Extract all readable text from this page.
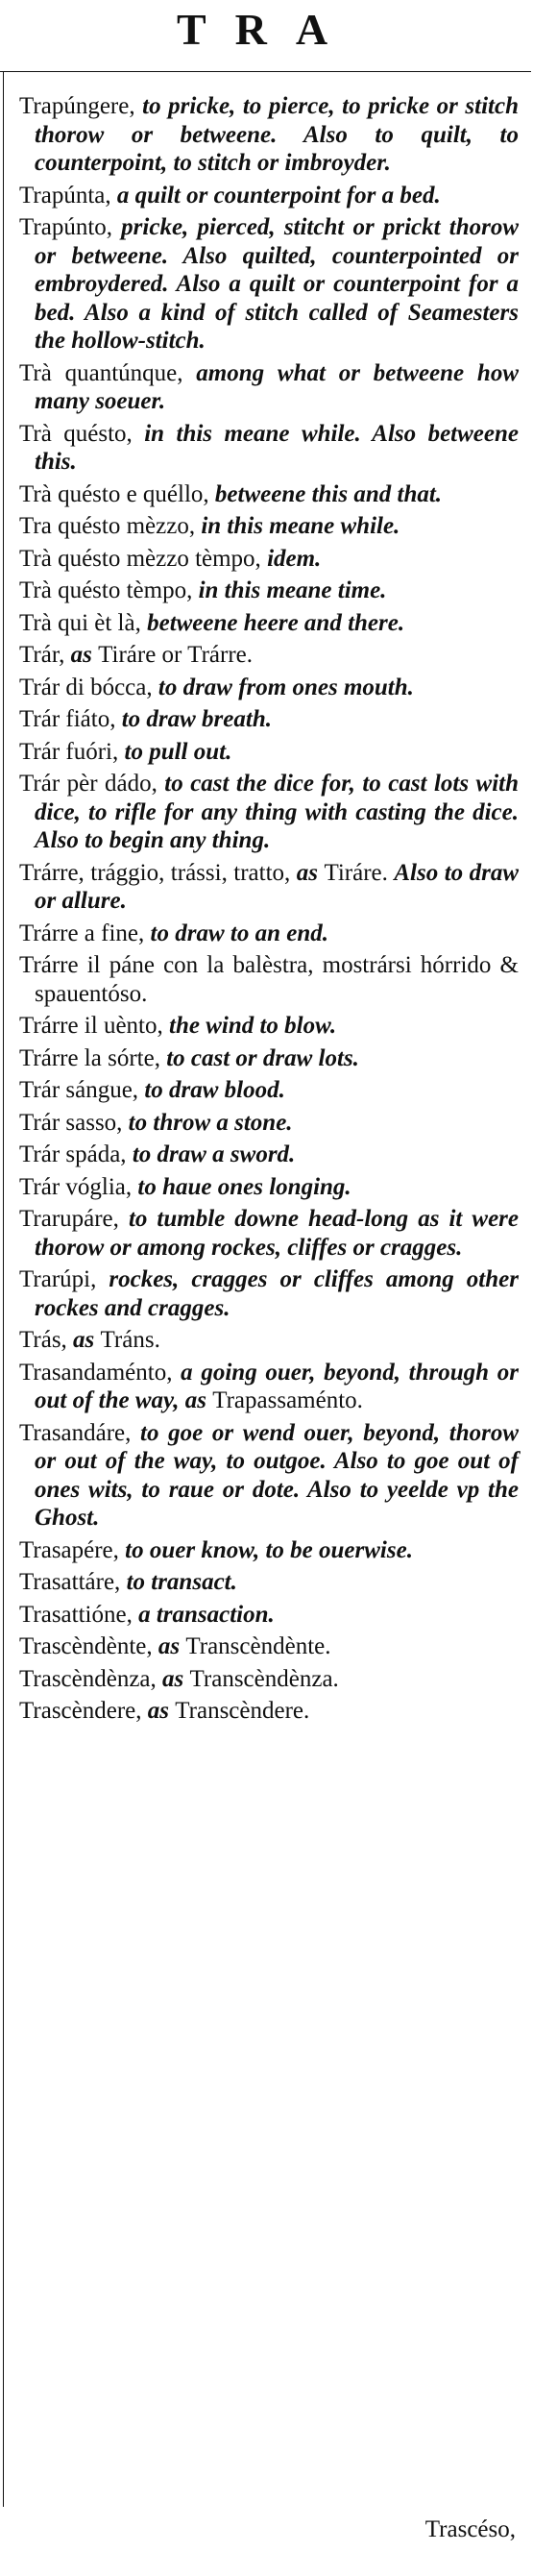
TRA
Trapúngere, to pricke, to pierce, to pricke or stitch thorow or betweene. Also to quilt, to counterpoint, to stitch or imbroyder.
Trapúnta, a quilt or counterpoint for a bed.
Trapúnto, pricke, pierced, stitcht or prickt thorow or betweene. Also quilted, counterpointed or embroydered. Also a quilt or counterpoint for a bed. Also a kind of stitch called of Seamesters the hollow-stitch.
Trà quantúnque, among what or betweene how many soeuer.
Trà quésto, in this meane while. Also betweene this.
Trà quésto e quéllo, betweene this and that.
Tra quésto mèzzo, in this meane while.
Trà quésto mèzzo tèmpo, idem.
Trà quésto tèmpo, in this meane time.
Trà qui èt là, betweene heere and there.
Trár, as Tiráre or Trárre.
Trár di bócca, to draw from ones mouth.
Trár fiáto, to draw breath.
Trár fuóri, to pull out.
Trár pèr dádo, to cast the dice for, to cast lots with dice, to rifle for any thing with casting the dice. Also to begin any thing.
Trárre, trággio, trássi, tratto, as Tiráre. Also to draw or allure.
Trárre a fine, to draw to an end.
Trárre il páne con la balèstra, mostrársi hórrido & spauentóso.
Trárre il uènto, the wind to blow.
Trárre la sórte, to cast or draw lots.
Trár sángue, to draw blood.
Trár sasso, to throw a stone.
Trár spáda, to draw a sword.
Trár vóglia, to haue ones longing.
Trarupáre, to tumble downe head-long as it were thorow or among rockes, cliffes or cragges.
Trarúpi, rockes, cragges or cliffes among other rockes and cragges.
Trás, as Tráns.
Trasandaménto, a going ouer, beyond, through or out of the way, as Trapassaménto.
Trasandáre, to goe or wend ouer, beyond, thorow or out of the way, to outgoe. Also to goe out of ones wits, to raue or dote. Also to yeelde vp the Ghost.
Trasapére, to ouer know, to be ouerwise.
Trasattáre, to transact.
Trasattióne, a transaction.
Trascèndènte, as Transcèndènte.
Trascèndènza, as Transcèndènza.
Trascèndere, as Transcèndere.
Trascéso,
